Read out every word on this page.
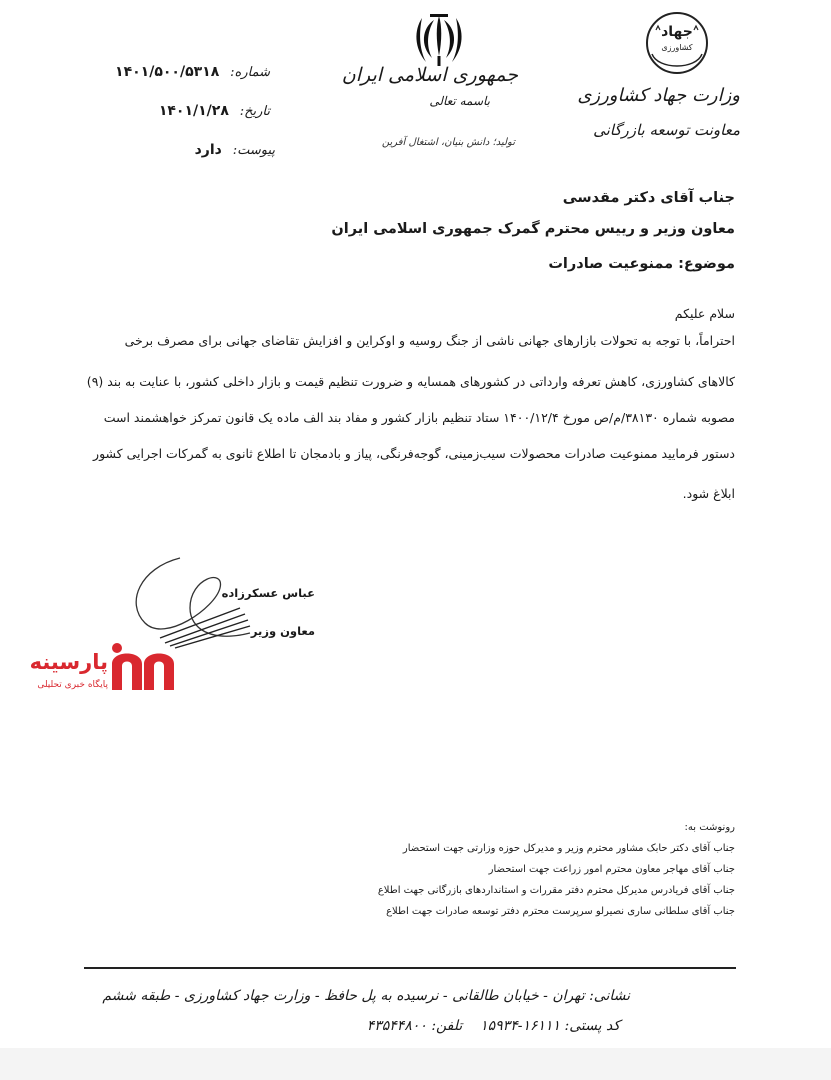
شماره: ۱۴۰۱/۵۰۰/۵۳۱۸
تاریخ: ۱۴۰۱/۱/۲۸
پیوست: دارد
جمهوری اسلامی ایران
باسمه تعالی
تولید؛ دانش بنیان، اشتغال آفرین
جهاد
کشاورزی
وزارت جهاد کشاورزی
معاونت توسعه بازرگانی
جناب آقای دکتر مقدسی
معاون وزیر و رییس محترم گمرک جمهوری اسلامی ایران
موضوع: ممنوعیت صادرات
سلام علیکم
احتراماً، با توجه به تحولات بازارهای جهانی ناشی از جنگ روسیه و اوکراین و افزایش تقاضای جهانی برای مصرف برخی
کالاهای کشاورزی، کاهش تعرفه وارداتی در کشورهای همسایه و ضرورت تنظیم قیمت و بازار داخلی کشور، با عنایت به بند (۹)
مصوبه شماره ۳۸۱۳۰/م/ص مورخ ۱۴۰۰/۱۲/۴ ستاد تنظیم بازار کشور و مفاد بند الف ماده یک قانون تمرکز خواهشمند است
دستور فرمایید ممنوعیت صادرات محصولات سیب‌زمینی، گوجه‌فرنگی، پیاز و بادمجان تا اطلاع ثانوی به گمرکات اجرایی کشور
ابلاغ شود.
عباس عسکرزاده
معاون وزیر
پارسینه
پایگاه خبری تحلیلی
رونوشت به:
جناب آقای دکتر حابک مشاور محترم وزیر و مدیرکل حوزه وزارتی جهت استحضار
جناب آقای مهاجر معاون محترم امور زراعت جهت استحضار
جناب آقای فریادرس مدیرکل محترم دفتر مقررات و استانداردهای بازرگانی جهت اطلاع
جناب آقای سلطانی ساری نصیرلو سرپرست محترم دفتر توسعه صادرات جهت اطلاع
نشانی: تهران - خیابان طالقانی - نرسیده به پل حافظ - وزارت جهاد کشاورزی - طبقه ششم
کد پستی: ۱۶۱۱۱-۱۵۹۳۴    تلفن: ۴۳۵۴۴۸۰۰
